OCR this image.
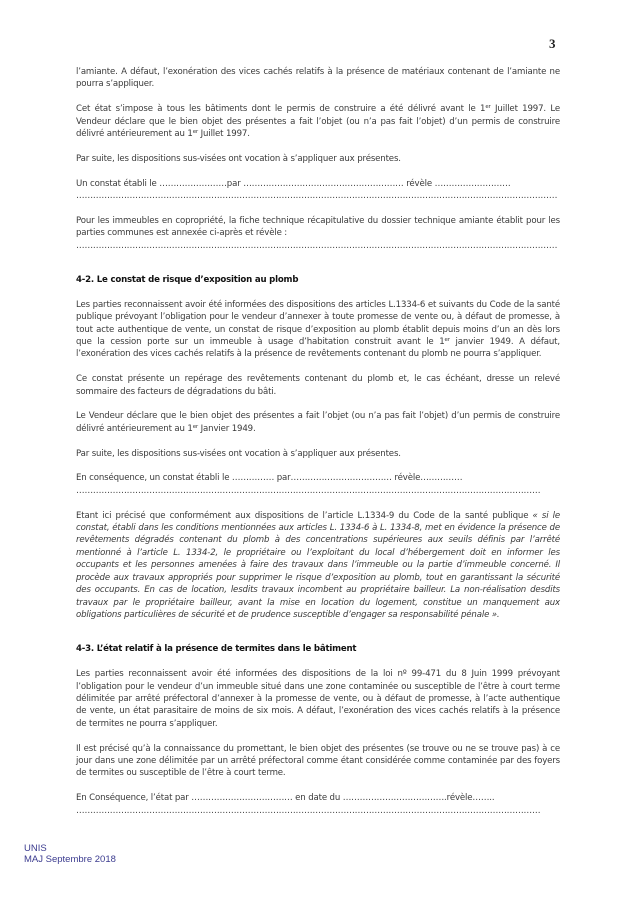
3

l’amiante. A défaut, l’exonération des vices cachés relatifs à la présence de matériaux contenant de l’amiante ne pourra s’appliquer.

Cet état s’impose à tous les bâtiments dont le permis de construire a été délivré avant le 1er Juillet 1997. Le Vendeur déclare que le bien objet des présentes a fait l’objet (ou n’a pas fait l’objet) d’un permis de construire délivré antérieurement au 1er Juillet 1997.

Par suite, les dispositions sus-visées ont vocation à s’appliquer aux présentes.

Un constat établi le ……………………par ………………………………………………… révèle ………………………

………………………………………………………………………………………………………………………………………………………

Pour les immeubles en copropriété, la fiche technique récapitulative du dossier technique amiante établit pour les parties communes est annexée ci-après et révèle :

………………………………………………………………………………………………………………………………………………………

4-2. Le constat de risque d’exposition au plomb

Les parties reconnaissent avoir été informées des dispositions des articles L.1334-6 et suivants du Code de la santé publique prévoyant l’obligation pour le vendeur d’annexer à toute promesse de vente ou, à défaut de promesse, à tout acte authentique de vente, un constat de risque d’exposition au plomb établit depuis moins d’un an dès lors que la cession porte sur un immeuble à usage d’habitation construit avant le 1er janvier 1949. A défaut, l’exonération des vices cachés relatifs à la présence de revêtements contenant du plomb ne pourra s’appliquer.

Ce constat présente un repérage des revêtements contenant du plomb et, le cas échéant, dresse un relevé sommaire des facteurs de dégradations du bâti.

Le Vendeur déclare que le bien objet des présentes a fait l’objet (ou n’a pas fait l’objet) d’un permis de construire délivré antérieurement au 1er Janvier 1949.

Par suite, les dispositions sus-visées ont vocation à s’appliquer aux présentes.

En conséquence, un constat établi le …………… par……………………………… révèle……………

…………………………………………………………………………………………………………………………………………………

Etant ici précisé que conformément aux dispositions de l’article L.1334-9 du Code de la santé publique « si le constat, établi dans les conditions mentionnées aux articles L. 1334-6 à L. 1334-8, met en évidence la présence de revêtements dégradés contenant du plomb à des concentrations supérieures aux seuils définis par l’arrêté mentionné à l’article L. 1334-2, le propriétaire ou l’exploitant du local d’hébergement doit en informer les occupants et les personnes amenées à faire des travaux dans l’immeuble ou la partie d’immeuble concerné. Il procède aux travaux appropriés pour supprimer le risque d’exposition au plomb, tout en garantissant la sécurité des occupants. En cas de location, lesdits travaux incombent au propriétaire bailleur. La non-réalisation desdits travaux par le propriétaire bailleur, avant la mise en location du logement, constitue un manquement aux obligations particulières de sécurité et de prudence susceptible d’engager sa responsabilité pénale ».

4-3. L’état relatif à la présence de termites dans le bâtiment

Les parties reconnaissent avoir été informées des dispositions de la loi nº 99-471 du 8 Juin 1999 prévoyant l’obligation pour le vendeur d’un immeuble situé dans une zone contaminée ou susceptible de l’être à court terme délimitée par arrêté préfectoral d’annexer à la promesse de vente, ou à défaut de promesse, à l’acte authentique de vente, un état parasitaire de moins de six mois. A défaut, l’exonération des vices cachés relatifs à la présence de termites ne pourra s’appliquer.

Il est précisé qu’à la connaissance du promettant, le bien objet des présentes (se trouve ou ne se trouve pas) à ce jour dans une zone délimitée par un arrêté préfectoral comme étant considérée comme contaminée par des foyers de termites ou susceptible de l’être à court terme.

En Conséquence, l’état par ……………………………… en date du ……………………………….révèle……..

…………………………………………………………………………………………………………………………………………………

UNIS
MAJ Septembre 2018
